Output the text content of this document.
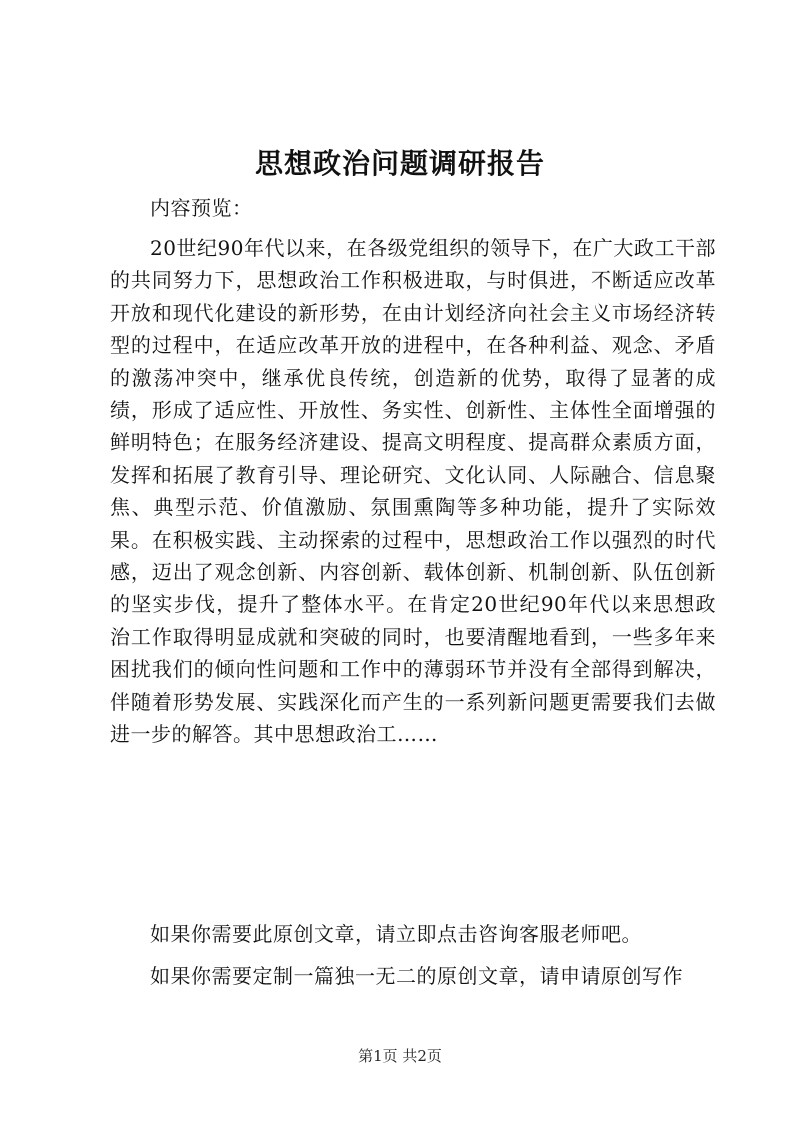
思想政治问题调研报告
内容预览：
20世纪90年代以来，在各级党组织的领导下，在广大政工干部的共同努力下，思想政治工作积极进取，与时俱进，不断适应改革开放和现代化建设的新形势，在由计划经济向社会主义市场经济转型的过程中，在适应改革开放的进程中，在各种利益、观念、矛盾的激荡冲突中，继承优良传统，创造新的优势，取得了显著的成绩，形成了适应性、开放性、务实性、创新性、主体性全面增强的鲜明特色；在服务经济建设、提高文明程度、提高群众素质方面，发挥和拓展了教育引导、理论研究、文化认同、人际融合、信息聚焦、典型示范、价值激励、氛围熏陶等多种功能，提升了实际效果。在积极实践、主动探索的过程中，思想政治工作以强烈的时代感，迈出了观念创新、内容创新、载体创新、机制创新、队伍创新的坚实步伐，提升了整体水平。在肯定20世纪90年代以来思想政治工作取得明显成就和突破的同时，也要清醒地看到，一些多年来困扰我们的倾向性问题和工作中的薄弱环节并没有全部得到解决，伴随着形势发展、实践深化而产生的一系列新问题更需要我们去做进一步的解答。其中思想政治工……
如果你需要此原创文章，请立即点击咨询客服老师吧。
如果你需要定制一篇独一无二的原创文章，请申请原创写作
第1页 共2页
